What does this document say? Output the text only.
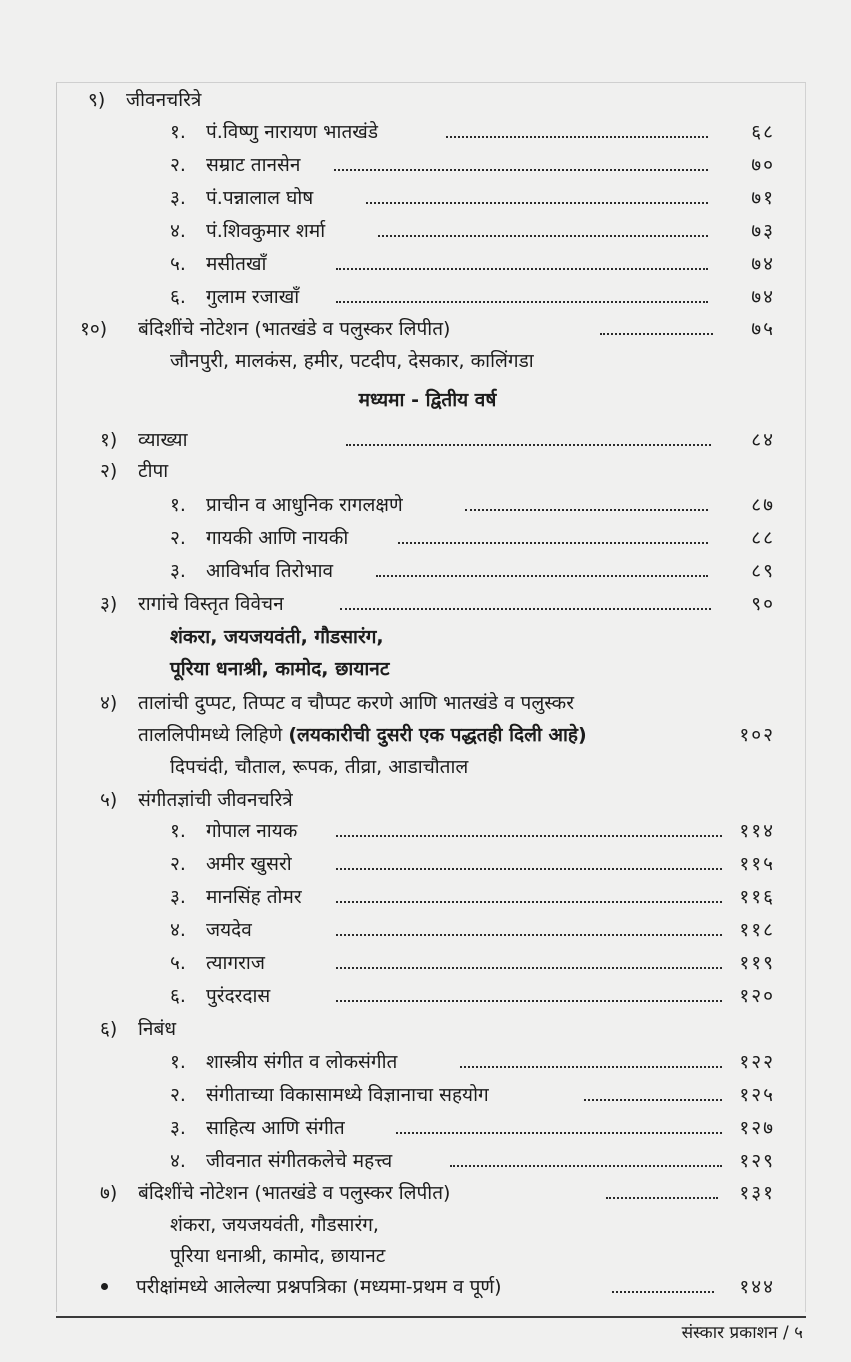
९) जीवनचरित्रे
१. पं.विष्णु नारायण भातखंडे	६८
२. सम्राट तानसेन	७०
३. पं.पन्नालाल घोष	७१
४. पं.शिवकुमार शर्मा	७३
५. मसीतखाँ	७४
६. गुलाम रजाखाँ	७४
१०) बंदिशींचे नोटेशन (भातखंडे व पलुस्कर लिपीत)	७५
जौनपुरी, मालकंस, हमीर, पटदीप, देसकार, कालिंगडा
मध्यमा - द्वितीय वर्ष
१) व्याख्या	८४
२) टीपा
१. प्राचीन व आधुनिक रागलक्षणे	८७
२. गायकी आणि नायकी	८८
३. आविर्भाव तिरोभाव	८९
३) रागांचे विस्तृत विवेचन	९०
शंकरा, जयजयवंती, गौडसारंग,
पूरिया धनाश्री, कामोद, छायानट
४) तालांची दुप्पट, तिप्पट व चौप्पट करणे आणि भातखंडे व पलुस्कर
ताललिपीमध्ये लिहिणे (लयकारीची दुसरी एक पद्धतही दिली आहे)	१०२
दिपचंदी, चौताल, रूपक, तीव्रा, आडाचौताल
५) संगीतज्ञांची जीवनचरित्रे
१. गोपाल नायक	११४
२. अमीर खुसरो	११५
३. मानसिंह तोमर	११६
४. जयदेव	११८
५. त्यागराज	११९
६. पुरंदरदास	१२०
६) निबंध
१. शास्त्रीय संगीत व लोकसंगीत	१२२
२. संगीताच्या विकासामध्ये विज्ञानाचा सहयोग	१२५
३. साहित्य आणि संगीत	१२७
४. जीवनात संगीतकलेचे महत्त्व	१२९
७) बंदिशींचे नोटेशन (भातखंडे व पलुस्कर लिपीत)	१३१
शंकरा, जयजयवंती, गौडसारंग,
पूरिया धनाश्री, कामोद, छायानट
परीक्षांमध्ये आलेल्या प्रश्नपत्रिका (मध्यमा-प्रथम व पूर्ण)	१४४
संस्कार प्रकाशन / ५
